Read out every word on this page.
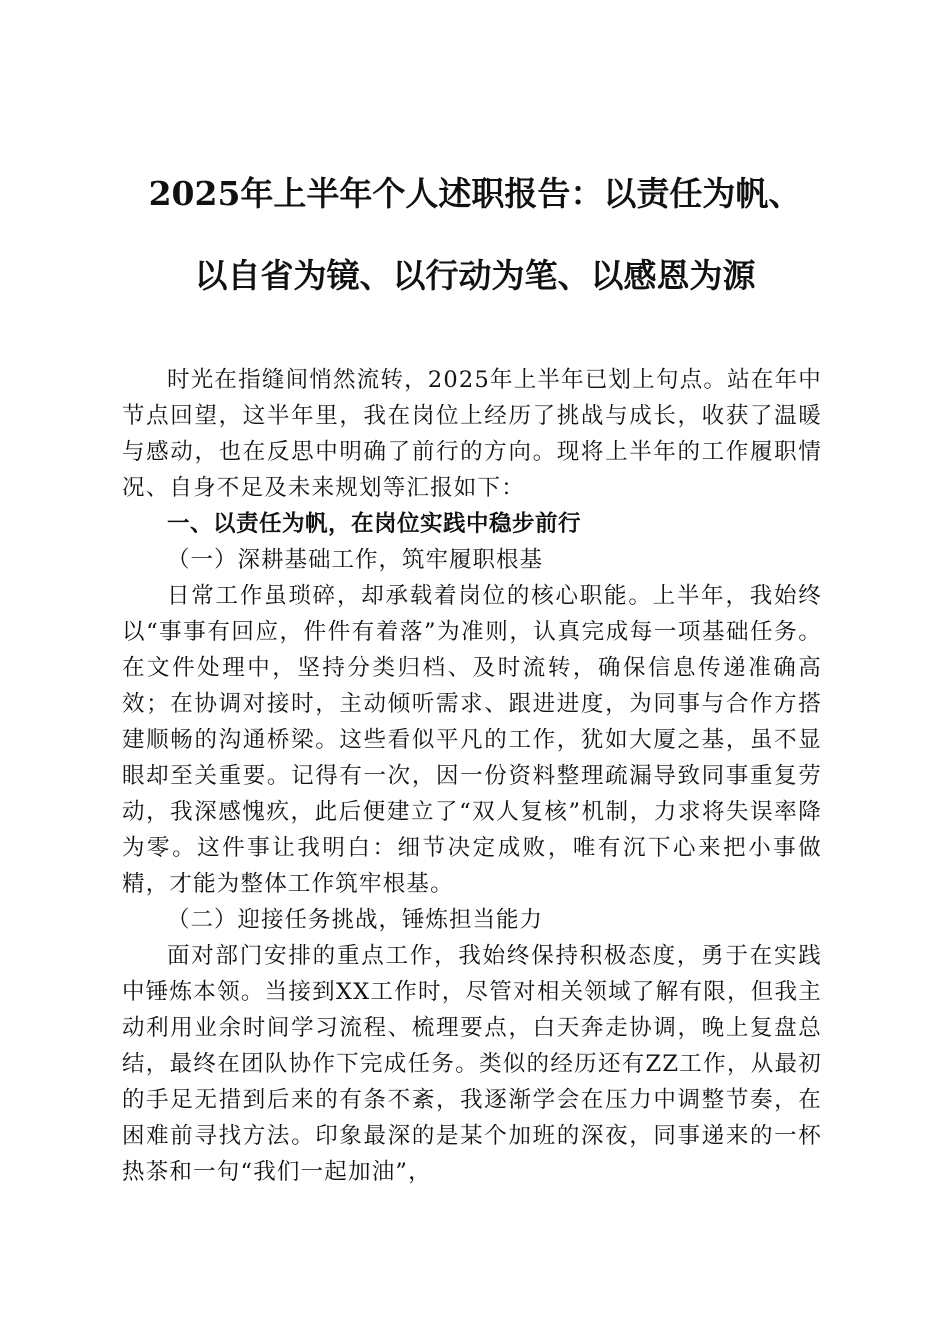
2025年上半年个人述职报告：以责任为帆、
以自省为镜、以行动为笔、以感恩为源

时光在指缝间悄然流转，2025年上半年已划上句点。站在年中节点回望，这半年里，我在岗位上经历了挑战与成长，收获了温暖与感动，也在反思中明确了前行的方向。现将上半年的工作履职情况、自身不足及未来规划等汇报如下：

一、以责任为帆，在岗位实践中稳步前行

（一）深耕基础工作，筑牢履职根基

日常工作虽琐碎，却承载着岗位的核心职能。上半年，我始终以“事事有回应，件件有着落”为准则，认真完成每一项基础任务。在文件处理中，坚持分类归档、及时流转，确保信息传递准确高效；在协调对接时，主动倾听需求、跟进进度，为同事与合作方搭建顺畅的沟通桥梁。这些看似平凡的工作，犹如大厦之基，虽不显眼却至关重要。记得有一次，因一份资料整理疏漏导致同事重复劳动，我深感愧疚，此后便建立了“双人复核”机制，力求将失误率降为零。这件事让我明白：细节决定成败，唯有沉下心来把小事做精，才能为整体工作筑牢根基。

（二）迎接任务挑战，锤炼担当能力

面对部门安排的重点工作，我始终保持积极态度，勇于在实践中锤炼本领。当接到XX工作时，尽管对相关领域了解有限，但我主动利用业余时间学习流程、梳理要点，白天奔走协调，晚上复盘总结，最终在团队协作下完成任务。类似的经历还有ZZ工作，从最初的手足无措到后来的有条不紊，我逐渐学会在压力中调整节奏，在困难前寻找方法。印象最深的是某个加班的深夜，同事递来的一杯热茶和一句“我们一起加油”，
